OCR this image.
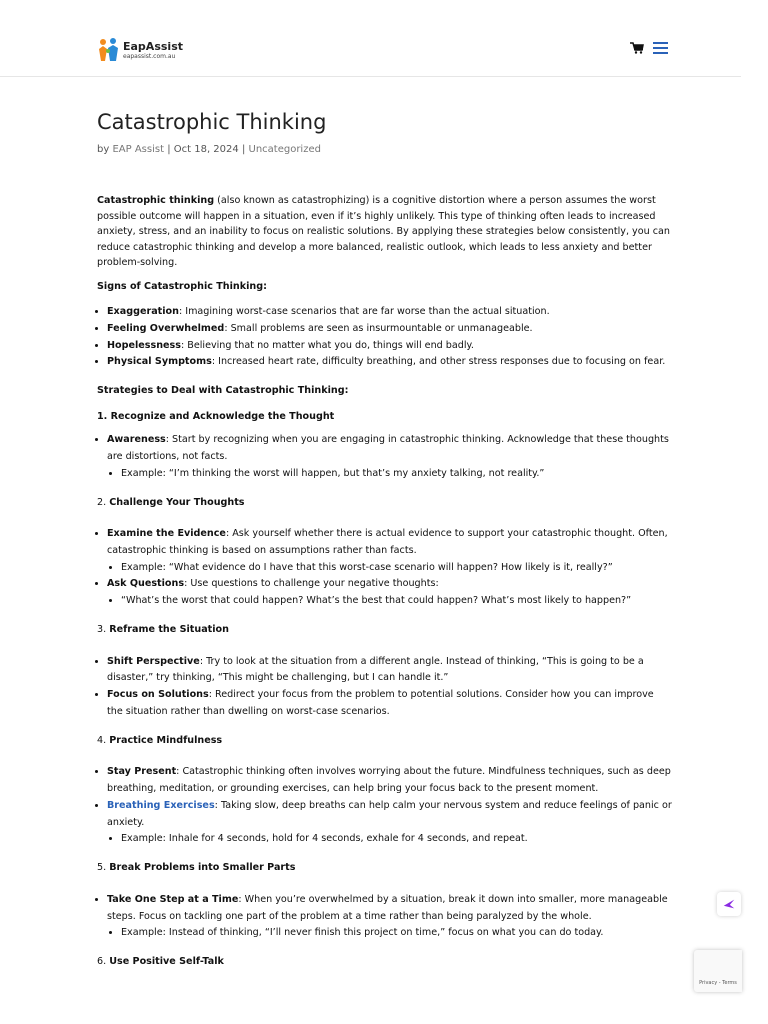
EapAssist
eapassist.com.au
Catastrophic Thinking
by EAP Assist | Oct 18, 2024 | Uncategorized

Catastrophic thinking (also known as catastrophizing) is a cognitive distortion where a person assumes the worst possible outcome will happen in a situation, even if it’s highly unlikely. This type of thinking often leads to increased anxiety, stress, and an inability to focus on realistic solutions. By applying these strategies below consistently, you can reduce catastrophic thinking and develop a more balanced, realistic outlook, which leads to less anxiety and better problem-solving.

Signs of Catastrophic Thinking:

• Exaggeration: Imagining worst-case scenarios that are far worse than the actual situation.
• Feeling Overwhelmed: Small problems are seen as insurmountable or unmanageable.
• Hopelessness: Believing that no matter what you do, things will end badly.
• Physical Symptoms: Increased heart rate, difficulty breathing, and other stress responses due to focusing on fear.

Strategies to Deal with Catastrophic Thinking:

1. Recognize and Acknowledge the Thought

• Awareness: Start by recognizing when you are engaging in catastrophic thinking. Acknowledge that these thoughts are distortions, not facts.
• Example: “I’m thinking the worst will happen, but that’s my anxiety talking, not reality.”

2. Challenge Your Thoughts

• Examine the Evidence: Ask yourself whether there is actual evidence to support your catastrophic thought. Often, catastrophic thinking is based on assumptions rather than facts.
• Example: “What evidence do I have that this worst-case scenario will happen? How likely is it, really?”
• Ask Questions: Use questions to challenge your negative thoughts:
• “What’s the worst that could happen? What’s the best that could happen? What’s most likely to happen?”

3. Reframe the Situation

• Shift Perspective: Try to look at the situation from a different angle. Instead of thinking, “This is going to be a disaster,” try thinking, “This might be challenging, but I can handle it.”
• Focus on Solutions: Redirect your focus from the problem to potential solutions. Consider how you can improve the situation rather than dwelling on worst-case scenarios.

4. Practice Mindfulness

• Stay Present: Catastrophic thinking often involves worrying about the future. Mindfulness techniques, such as deep breathing, meditation, or grounding exercises, can help bring your focus back to the present moment.
• Breathing Exercises: Taking slow, deep breaths can help calm your nervous system and reduce feelings of panic or anxiety.
• Example: Inhale for 4 seconds, hold for 4 seconds, exhale for 4 seconds, and repeat.

5. Break Problems into Smaller Parts

• Take One Step at a Time: When you’re overwhelmed by a situation, break it down into smaller, more manageable steps. Focus on tackling one part of the problem at a time rather than being paralyzed by the whole.
• Example: Instead of thinking, “I’ll never finish this project on time,” focus on what you can do today.

6. Use Positive Self-Talk

Privacy - Terms
